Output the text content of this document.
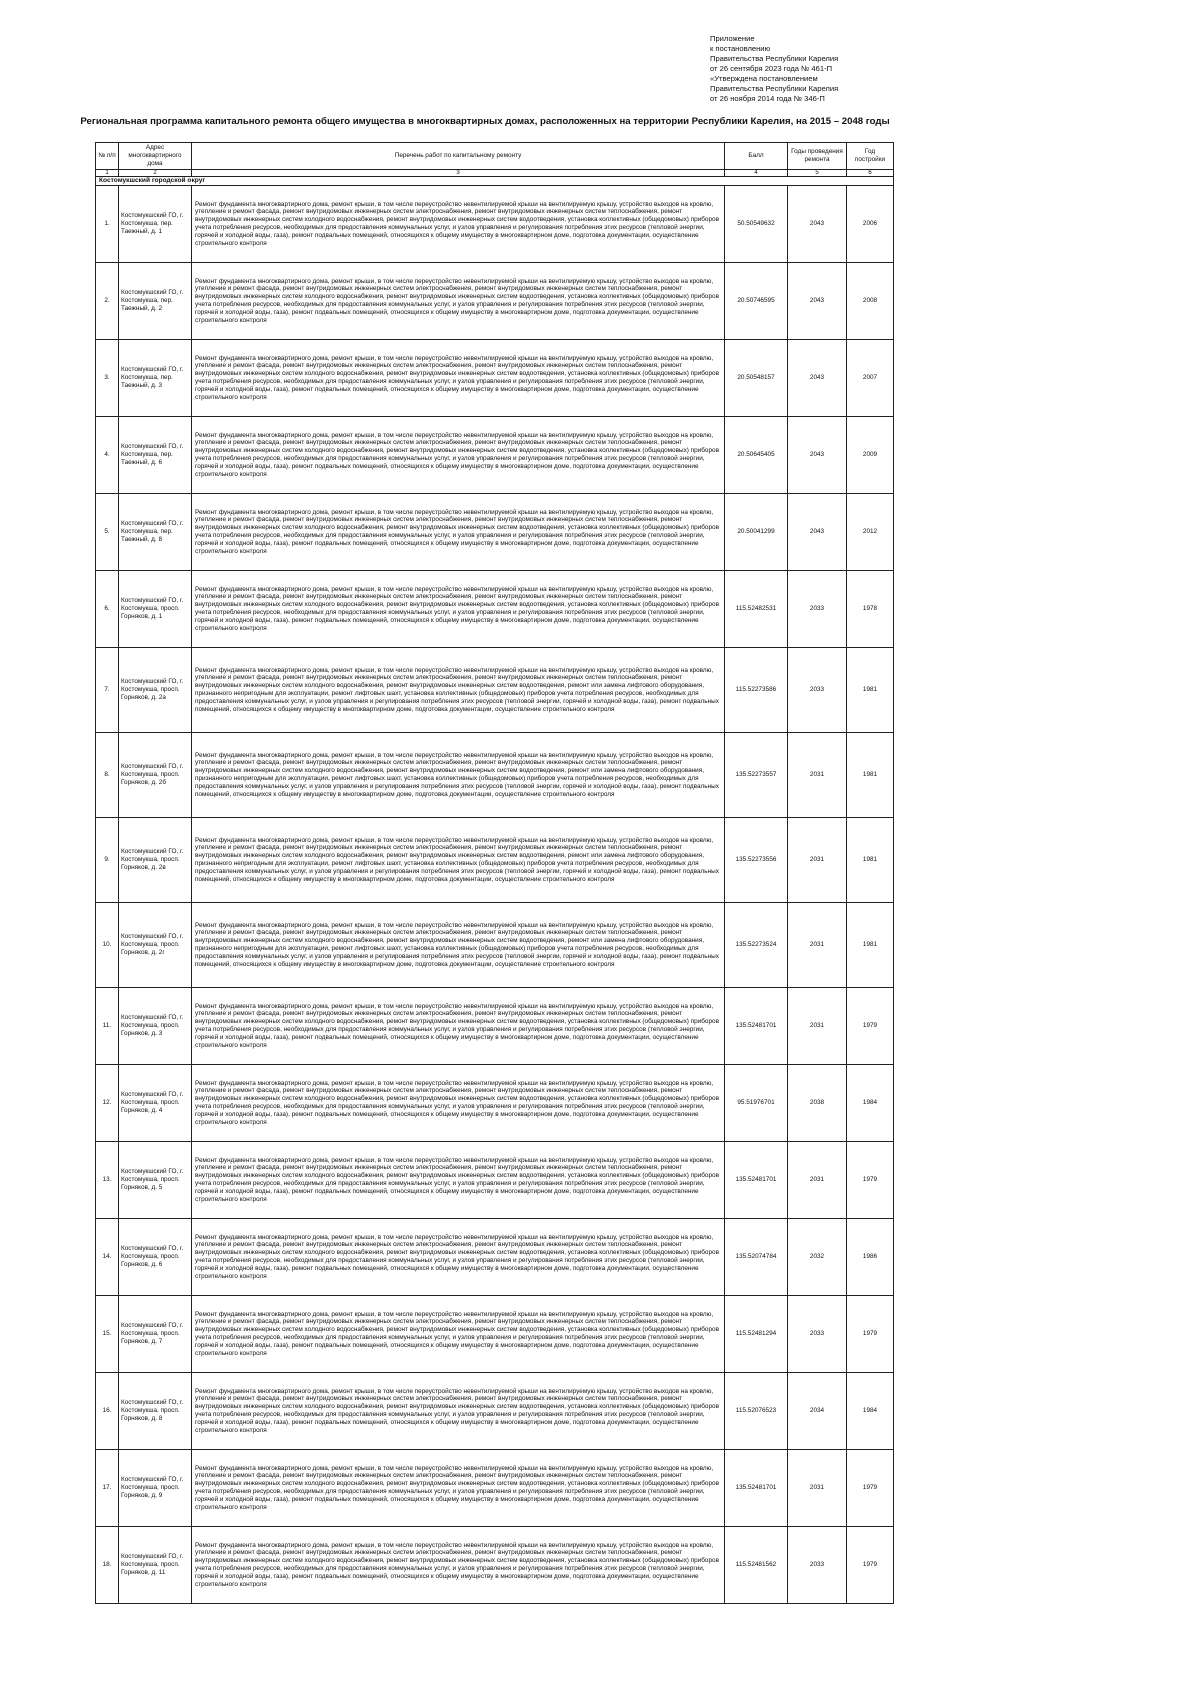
Приложение
к постановлению
Правительства Республики Карелия
от 26 сентября 2023 года № 461-П
«Утверждена постановлением
Правительства Республики Карелия
от 26 ноября 2014 года № 346-П
Региональная программа капитального ремонта общего имущества в многоквартирных домах, расположенных на территории Республики Карелия, на 2015 – 2048 годы
№ п/п	Адрес многоквартирного дома	Перечень работ по капитальному ремонту	Балл	Годы проведения ремонта	Год постройки
1	2	3	4	5	6
Костомукшский городской округ					
1.	Костомукшский ГО, г. Костомукша, пер. Таежный, д. 1	Ремонт фундамента многоквартирного дома, ремонт крыши, в том числе переустройство невентилируемой крыши на вентилируемую крышу, устройство выходов на кровлю, утепление и ремонт фасада, ремонт внутридомовых инженерных систем электроснабжения, ремонт внутридомовых инженерных систем теплоснабжения, ремонт внутридомовых инженерных систем холодного водоснабжения, ремонт внутридомовых инженерных систем водоотведения, установка коллективных (общедомовых) приборов учета потребления ресурсов, необходимых для предоставления коммунальных услуг, и узлов управления и регулирования потребления этих ресурсов (тепловой энергии, горячей и холодной воды, газа), ремонт подвальных помещений, относящихся к общему имуществу в многоквартирном доме, подготовка документации, осуществление строительного контроля	50.50549632	2043	2006
2.	Костомукшский ГО, г. Костомукша, пер. Таежный, д. 2	Ремонт фундамента многоквартирного дома, ремонт крыши, в том числе переустройство невентилируемой крыши на вентилируемую крышу, устройство выходов на кровлю, утепление и ремонт фасада, ремонт внутридомовых инженерных систем электроснабжения, ремонт внутридомовых инженерных систем теплоснабжения, ремонт внутридомовых инженерных систем холодного водоснабжения, ремонт внутридомовых инженерных систем водоотведения, установка коллективных (общедомовых) приборов учета потребления ресурсов, необходимых для предоставления коммунальных услуг, и узлов управления и регулирования потребления этих ресурсов (тепловой энергии, горячей и холодной воды, газа), ремонт подвальных помещений, относящихся к общему имуществу в многоквартирном доме, подготовка документации, осуществление строительного контроля	20.50746595	2043	2008
3.	Костомукшский ГО, г. Костомукша, пер. Таежный, д. 3	Ремонт фундамента многоквартирного дома, ремонт крыши, в том числе переустройство невентилируемой крыши на вентилируемую крышу, устройство выходов на кровлю, утепление и ремонт фасада, ремонт внутридомовых инженерных систем электроснабжения, ремонт внутридомовых инженерных систем теплоснабжения, ремонт внутридомовых инженерных систем холодного водоснабжения, ремонт внутридомовых инженерных систем водоотведения, установка коллективных (общедомовых) приборов учета потребления ресурсов, необходимых для предоставления коммунальных услуг, и узлов управления и регулирования потребления этих ресурсов (тепловой энергии, горячей и холодной воды, газа), ремонт подвальных помещений, относящихся к общему имуществу в многоквартирном доме, подготовка документации, осуществление строительного контроля	20.50548157	2043	2007
4.	Костомукшский ГО, г. Костомукша, пер. Таежный, д. 6	Ремонт фундамента многоквартирного дома, ремонт крыши, в том числе переустройство невентилируемой крыши на вентилируемую крышу, устройство выходов на кровлю, утепление и ремонт фасада, ремонт внутридомовых инженерных систем электроснабжения, ремонт внутридомовых инженерных систем теплоснабжения, ремонт внутридомовых инженерных систем холодного водоснабжения, ремонт внутридомовых инженерных систем водоотведения, установка коллективных (общедомовых) приборов учета потребления ресурсов, необходимых для предоставления коммунальных услуг, и узлов управления и регулирования потребления этих ресурсов (тепловой энергии, горячей и холодной воды, газа), ремонт подвальных помещений, относящихся к общему имуществу в многоквартирном доме, подготовка документации, осуществление строительного контроля	20.50645405	2043	2009
5.	Костомукшский ГО, г. Костомукша, пер. Таежный, д. 8	Ремонт фундамента многоквартирного дома, ремонт крыши, в том числе переустройство невентилируемой крыши на вентилируемую крышу, устройство выходов на кровлю, утепление и ремонт фасада, ремонт внутридомовых инженерных систем электроснабжения, ремонт внутридомовых инженерных систем теплоснабжения, ремонт внутридомовых инженерных систем холодного водоснабжения, ремонт внутридомовых инженерных систем водоотведения, установка коллективных (общедомовых) приборов учета потребления ресурсов, необходимых для предоставления коммунальных услуг, и узлов управления и регулирования потребления этих ресурсов (тепловой энергии, горячей и холодной воды, газа), ремонт подвальных помещений, относящихся к общему имуществу в многоквартирном доме, подготовка документации, осуществление строительного контроля	20.50041299	2043	2012
6.	Костомукшский ГО, г. Костомукша, просп. Горняков, д. 1	Ремонт фундамента многоквартирного дома, ремонт крыши, в том числе переустройство невентилируемой крыши на вентилируемую крышу, устройство выходов на кровлю, утепление и ремонт фасада, ремонт внутридомовых инженерных систем электроснабжения, ремонт внутридомовых инженерных систем теплоснабжения, ремонт внутридомовых инженерных систем холодного водоснабжения, ремонт внутридомовых инженерных систем водоотведения, установка коллективных (общедомовых) приборов учета потребления ресурсов, необходимых для предоставления коммунальных услуг, и узлов управления и регулирования потребления этих ресурсов (тепловой энергии, горячей и холодной воды, газа), ремонт подвальных помещений, относящихся к общему имуществу в многоквартирном доме, подготовка документации, осуществление строительного контроля	115.52482531	2033	1978
7.	Костомукшский ГО, г. Костомукша, просп. Горняков, д. 2а	Ремонт фундамента многоквартирного дома, ремонт крыши, в том числе переустройство невентилируемой крыши на вентилируемую крышу, устройство выходов на кровлю, утепление и ремонт фасада, ремонт внутридомовых инженерных систем электроснабжения, ремонт внутридомовых инженерных систем теплоснабжения, ремонт внутридомовых инженерных систем холодного водоснабжения, ремонт внутридомовых инженерных систем водоотведения, ремонт или замена лифтового оборудования, признанного непригодным для эксплуатации, ремонт лифтовых шахт, установка коллективных (общедомовых) приборов учета потребления ресурсов, необходимых для предоставления коммунальных услуг, и узлов управления и регулирования потребления этих ресурсов (тепловой энергии, горячей и холодной воды, газа), ремонт подвальных помещений, относящихся к общему имуществу в многоквартирном доме, подготовка документации, осуществление строительного контроля	115.52273586	2033	1981
8.	Костомукшский ГО, г. Костомукша, просп. Горняков, д. 2б	Ремонт фундамента многоквартирного дома, ремонт крыши, в том числе переустройство невентилируемой крыши на вентилируемую крышу, устройство выходов на кровлю, утепление и ремонт фасада, ремонт внутридомовых инженерных систем электроснабжения, ремонт внутридомовых инженерных систем теплоснабжения, ремонт внутридомовых инженерных систем холодного водоснабжения, ремонт внутридомовых инженерных систем водоотведения, ремонт или замена лифтового оборудования, признанного непригодным для эксплуатации, ремонт лифтовых шахт, установка коллективных (общедомовых) приборов учета потребления ресурсов, необходимых для предоставления коммунальных услуг, и узлов управления и регулирования потребления этих ресурсов (тепловой энергии, горячей и холодной воды, газа), ремонт подвальных помещений, относящихся к общему имуществу в многоквартирном доме, подготовка документации, осуществление строительного контроля	135.52273557	2031	1981
9.	Костомукшский ГО, г. Костомукша, просп. Горняков, д. 2в	Ремонт фундамента многоквартирного дома, ремонт крыши, в том числе переустройство невентилируемой крыши на вентилируемую крышу, устройство выходов на кровлю, утепление и ремонт фасада, ремонт внутридомовых инженерных систем электроснабжения, ремонт внутридомовых инженерных систем теплоснабжения, ремонт внутридомовых инженерных систем холодного водоснабжения, ремонт внутридомовых инженерных систем водоотведения, ремонт или замена лифтового оборудования, признанного непригодным для эксплуатации, ремонт лифтовых шахт, установка коллективных (общедомовых) приборов учета потребления ресурсов, необходимых для предоставления коммунальных услуг, и узлов управления и регулирования потребления этих ресурсов (тепловой энергии, горячей и холодной воды, газа), ремонт подвальных помещений, относящихся к общему имуществу в многоквартирном доме, подготовка документации, осуществление строительного контроля	135.52273556	2031	1981
10.	Костомукшский ГО, г. Костомукша, просп. Горняков, д. 2г	Ремонт фундамента многоквартирного дома, ремонт крыши, в том числе переустройство невентилируемой крыши на вентилируемую крышу, устройство выходов на кровлю, утепление и ремонт фасада, ремонт внутридомовых инженерных систем электроснабжения, ремонт внутридомовых инженерных систем теплоснабжения, ремонт внутридомовых инженерных систем холодного водоснабжения, ремонт внутридомовых инженерных систем водоотведения, ремонт или замена лифтового оборудования, признанного непригодным для эксплуатации, ремонт лифтовых шахт, установка коллективных (общедомовых) приборов учета потребления ресурсов, необходимых для предоставления коммунальных услуг, и узлов управления и регулирования потребления этих ресурсов (тепловой энергии, горячей и холодной воды, газа), ремонт подвальных помещений, относящихся к общему имуществу в многоквартирном доме, подготовка документации, осуществление строительного контроля	135.52273524	2031	1981
11.	Костомукшский ГО, г. Костомукша, просп. Горняков, д. 3	Ремонт фундамента многоквартирного дома, ремонт крыши, в том числе переустройство невентилируемой крыши на вентилируемую крышу, устройство выходов на кровлю, утепление и ремонт фасада, ремонт внутридомовых инженерных систем электроснабжения, ремонт внутридомовых инженерных систем теплоснабжения, ремонт внутридомовых инженерных систем холодного водоснабжения, ремонт внутридомовых инженерных систем водоотведения, установка коллективных (общедомовых) приборов учета потребления ресурсов, необходимых для предоставления коммунальных услуг, и узлов управления и регулирования потребления этих ресурсов (тепловой энергии, горячей и холодной воды, газа), ремонт подвальных помещений, относящихся к общему имуществу в многоквартирном доме, подготовка документации, осуществление строительного контроля	135.52481701	2031	1979
12.	Костомукшский ГО, г. Костомукша, просп. Горняков, д. 4	Ремонт фундамента многоквартирного дома, ремонт крыши, в том числе переустройство невентилируемой крыши на вентилируемую крышу, устройство выходов на кровлю, утепление и ремонт фасада, ремонт внутридомовых инженерных систем электроснабжения, ремонт внутридомовых инженерных систем теплоснабжения, ремонт внутридомовых инженерных систем холодного водоснабжения, ремонт внутридомовых инженерных систем водоотведения, установка коллективных (общедомовых) приборов учета потребления ресурсов, необходимых для предоставления коммунальных услуг, и узлов управления и регулирования потребления этих ресурсов (тепловой энергии, горячей и холодной воды, газа), ремонт подвальных помещений, относящихся к общему имуществу в многоквартирном доме, подготовка документации, осуществление строительного контроля	95.51976701	2038	1984
13.	Костомукшский ГО, г. Костомукша, просп. Горняков, д. 5	Ремонт фундамента многоквартирного дома, ремонт крыши, в том числе переустройство невентилируемой крыши на вентилируемую крышу, устройство выходов на кровлю, утепление и ремонт фасада, ремонт внутридомовых инженерных систем электроснабжения, ремонт внутридомовых инженерных систем теплоснабжения, ремонт внутридомовых инженерных систем холодного водоснабжения, ремонт внутридомовых инженерных систем водоотведения, установка коллективных (общедомовых) приборов учета потребления ресурсов, необходимых для предоставления коммунальных услуг, и узлов управления и регулирования потребления этих ресурсов (тепловой энергии, горячей и холодной воды, газа), ремонт подвальных помещений, относящихся к общему имуществу в многоквартирном доме, подготовка документации, осуществление строительного контроля	135.52481701	2031	1979
14.	Костомукшский ГО, г. Костомукша, просп. Горняков, д. 6	Ремонт фундамента многоквартирного дома, ремонт крыши, в том числе переустройство невентилируемой крыши на вентилируемую крышу, устройство выходов на кровлю, утепление и ремонт фасада, ремонт внутридомовых инженерных систем электроснабжения, ремонт внутридомовых инженерных систем теплоснабжения, ремонт внутридомовых инженерных систем холодного водоснабжения, ремонт внутридомовых инженерных систем водоотведения, установка коллективных (общедомовых) приборов учета потребления ресурсов, необходимых для предоставления коммунальных услуг, и узлов управления и регулирования потребления этих ресурсов (тепловой энергии, горячей и холодной воды, газа), ремонт подвальных помещений, относящихся к общему имуществу в многоквартирном доме, подготовка документации, осуществление строительного контроля	135.52074784	2032	1986
15.	Костомукшский ГО, г. Костомукша, просп. Горняков, д. 7	Ремонт фундамента многоквартирного дома, ремонт крыши, в том числе переустройство невентилируемой крыши на вентилируемую крышу, устройство выходов на кровлю, утепление и ремонт фасада, ремонт внутридомовых инженерных систем электроснабжения, ремонт внутридомовых инженерных систем теплоснабжения, ремонт внутридомовых инженерных систем холодного водоснабжения, ремонт внутридомовых инженерных систем водоотведения, установка коллективных (общедомовых) приборов учета потребления ресурсов, необходимых для предоставления коммунальных услуг, и узлов управления и регулирования потребления этих ресурсов (тепловой энергии, горячей и холодной воды, газа), ремонт подвальных помещений, относящихся к общему имуществу в многоквартирном доме, подготовка документации, осуществление строительного контроля	115.52481294	2033	1979
16.	Костомукшский ГО, г. Костомукша, просп. Горняков, д. 8	Ремонт фундамента многоквартирного дома, ремонт крыши, в том числе переустройство невентилируемой крыши на вентилируемую крышу, устройство выходов на кровлю, утепление и ремонт фасада, ремонт внутридомовых инженерных систем электроснабжения, ремонт внутридомовых инженерных систем теплоснабжения, ремонт внутридомовых инженерных систем холодного водоснабжения, ремонт внутридомовых инженерных систем водоотведения, установка коллективных (общедомовых) приборов учета потребления ресурсов, необходимых для предоставления коммунальных услуг, и узлов управления и регулирования потребления этих ресурсов (тепловой энергии, горячей и холодной воды, газа), ремонт подвальных помещений, относящихся к общему имуществу в многоквартирном доме, подготовка документации, осуществление строительного контроля	115.52076523	2034	1984
17.	Костомукшский ГО, г. Костомукша, просп. Горняков, д. 9	Ремонт фундамента многоквартирного дома, ремонт крыши, в том числе переустройство невентилируемой крыши на вентилируемую крышу, устройство выходов на кровлю, утепление и ремонт фасада, ремонт внутридомовых инженерных систем электроснабжения, ремонт внутридомовых инженерных систем теплоснабжения, ремонт внутридомовых инженерных систем холодного водоснабжения, ремонт внутридомовых инженерных систем водоотведения, установка коллективных (общедомовых) приборов учета потребления ресурсов, необходимых для предоставления коммунальных услуг, и узлов управления и регулирования потребления этих ресурсов (тепловой энергии, горячей и холодной воды, газа), ремонт подвальных помещений, относящихся к общему имуществу в многоквартирном доме, подготовка документации, осуществление строительного контроля	135.52481701	2031	1979
18.	Костомукшский ГО, г. Костомукша, просп. Горняков, д. 11	Ремонт фундамента многоквартирного дома, ремонт крыши, в том числе переустройство невентилируемой крыши на вентилируемую крышу, устройство выходов на кровлю, утепление и ремонт фасада, ремонт внутридомовых инженерных систем электроснабжения, ремонт внутридомовых инженерных систем теплоснабжения, ремонт внутридомовых инженерных систем холодного водоснабжения, ремонт внутридомовых инженерных систем водоотведения, установка коллективных (общедомовых) приборов учета потребления ресурсов, необходимых для предоставления коммунальных услуг, и узлов управления и регулирования потребления этих ресурсов (тепловой энергии, горячей и холодной воды, газа), ремонт подвальных помещений, относящихся к общему имуществу в многоквартирном доме, подготовка документации, осуществление строительного контроля	115.52481562	2033	1979
